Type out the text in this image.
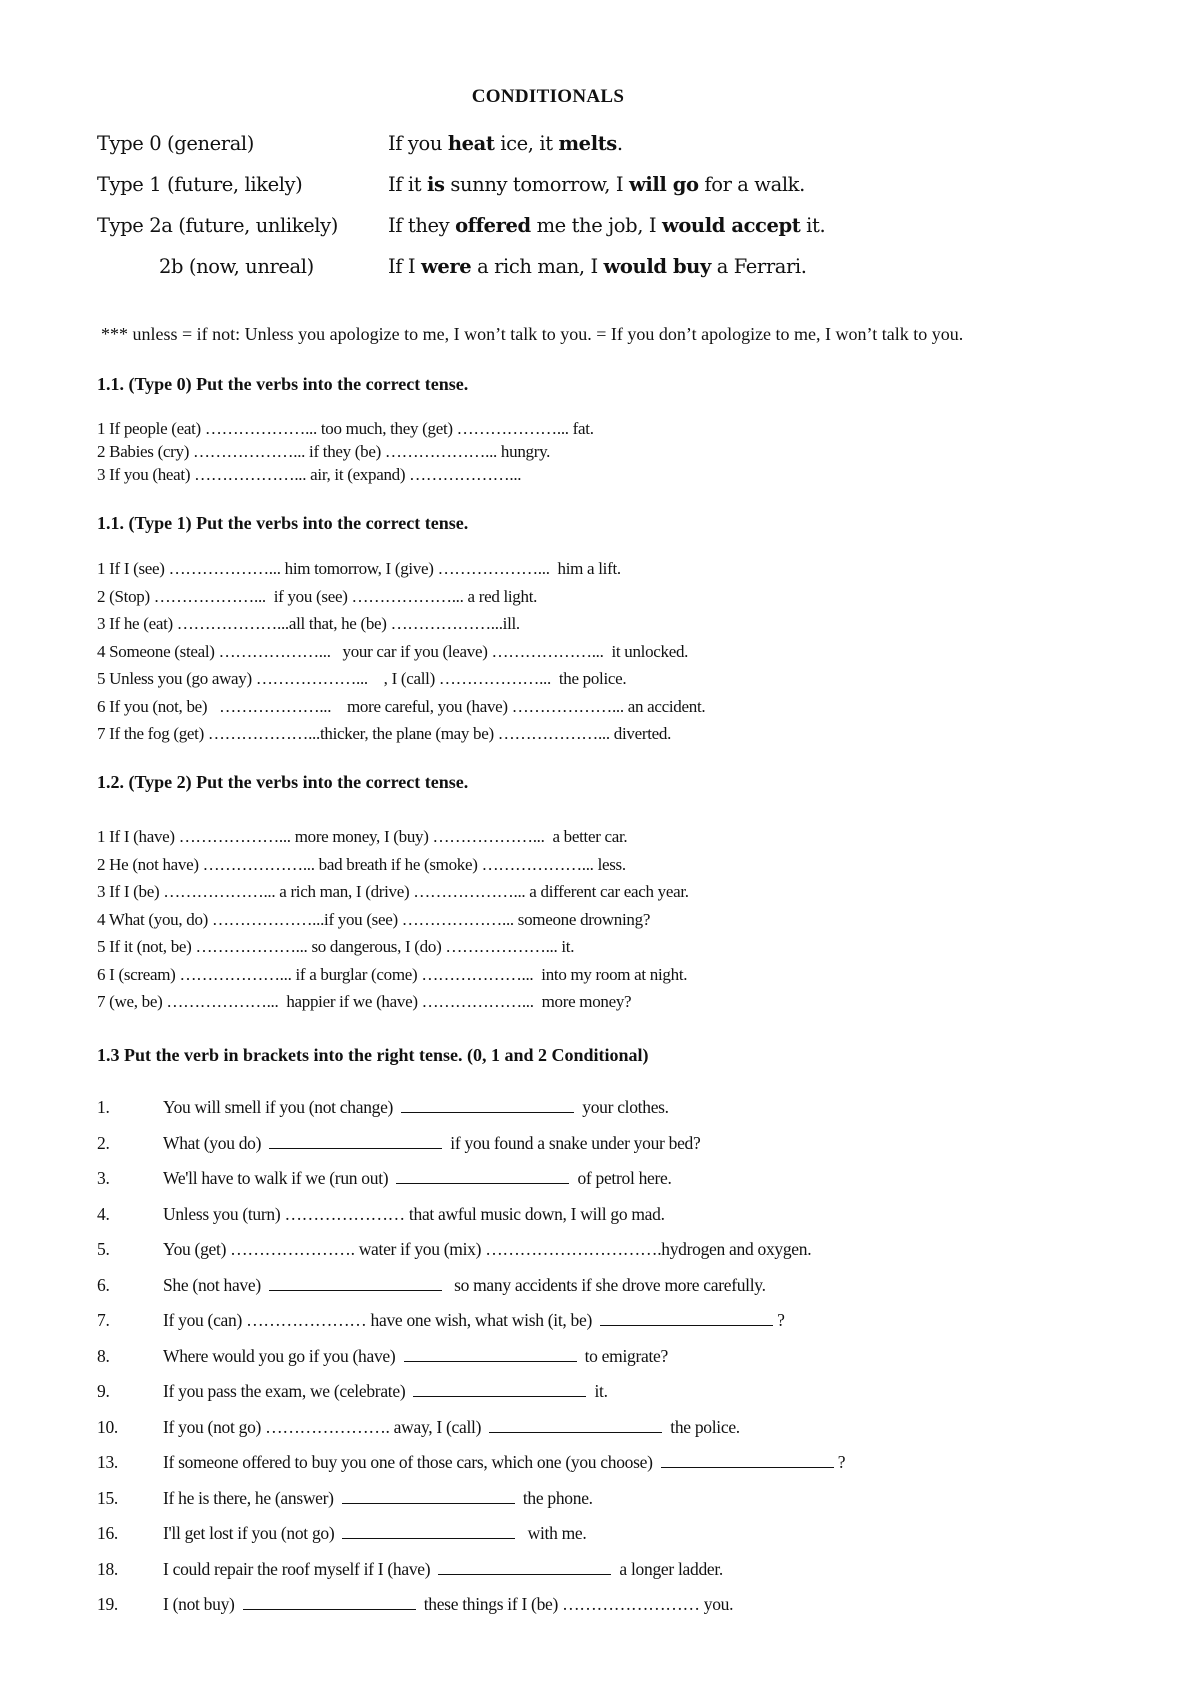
CONDITIONALS
Type 0 (general)	If you heat ice, it melts.
Type 1 (future, likely)	If it is sunny tomorrow, I will go for a walk.
Type 2a (future, unlikely)	If they offered me the job, I would accept it.
2b (now, unreal)	If I were a rich man, I would buy a Ferrari.
*** unless = if not: Unless you apologize to me, I won’t talk to you. = If you don’t apologize to me, I won’t talk to you.
1.1. (Type 0) Put the verbs into the correct tense.
1 If people (eat) ………………... too much, they (get) ………………... fat.
2 Babies (cry) ………………... if they (be) ………………... hungry.
3 If you (heat) ………………... air, it (expand) ………………...
1.1. (Type 1) Put the verbs into the correct tense.
1 If I (see) ………………... him tomorrow, I (give) ………………...  him a lift.
2 (Stop) ………………...  if you (see) ………………... a red light.
3 If he (eat) ………………...all that, he (be) ………………...ill.
4 Someone (steal) ………………...   your car if you (leave) ………………...  it unlocked.
5 Unless you (go away) ………………...    , I (call) ………………...  the police.
6 If you (not, be)   ………………...    more careful, you (have) ………………... an accident.
7 If the fog (get) ………………...thicker, the plane (may be) ………………... diverted.
1.2. (Type 2) Put the verbs into the correct tense.
1 If I (have) ………………... more money, I (buy) ………………...  a better car.
2 He (not have) ………………... bad breath if he (smoke) ………………... less.
3 If I (be) ………………... a rich man, I (drive) ………………... a different car each year.
4 What (you, do) ………………...if you (see) ………………... someone drowning?
5 If it (not, be) ………………... so dangerous, I (do) ………………... it.
6 I (scream) ………………... if a burglar (come) ………………...  into my room at night.
7 (we, be) ………………...  happier if we (have) ………………...  more money?
1.3 Put the verb in brackets into the right tense. (0, 1 and 2 Conditional)
1.	You will smell if you (not change)	your clothes.
2.	What (you do)	if you found a snake under your bed?
3.	We'll have to walk if we (run out)	of petrol here.
4.	Unless you (turn) ………………… that awful music down, I will go mad.
5.	You (get) …………………. water if you (mix) ………………………….hydrogen and oxygen.
6.	She (not have)	so many accidents if she drove more carefully.
7.	If you (can) ………………… have one wish, what wish (it, be)	?
8.	Where would you go if you (have)	to emigrate?
9.	If you pass the exam, we (celebrate)	it.
10.	If you (not go) …………………. away, I (call)	the police.
13.	If someone offered to buy you one of those cars, which one (you choose)	?
15.	If he is there, he (answer)	the phone.
16.	I'll get lost if you (not go)	with me.
18.	I could repair the roof myself if I (have)	a longer ladder.
19.	I (not buy)	these things if I (be) …………………… you.
